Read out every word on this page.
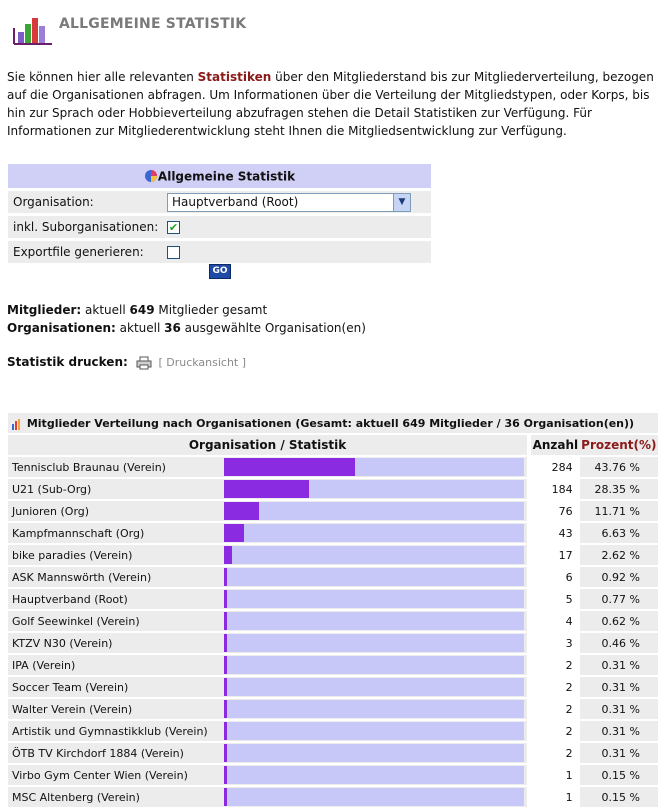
ALLGEMEINE STATISTIK
Sie können hier alle relevanten Statistiken über den Mitgliederstand bis zur Mitgliederverteilung, bezogen auf die Organisationen abfragen. Um Informationen über die Verteilung der Mitgliedstypen, oder Korps, bis hin zur Sprach oder Hobbieverteilung abzufragen stehen die Detail Statistiken zur Verfügung. Für Informationen zur Mitgliederentwicklung steht Ihnen die Mitgliedsentwicklung zur Verfügung.
Allgemeine Statistik	
Organisation:	Hauptverband (Root) ▼

inkl. Suborganisationen:	✔
Exportfile generieren:	
GO
Mitglieder: aktuell 649 Mitglieder gesamt
Organisationen: aktuell 36 ausgewählte Organisation(en)
Statistik drucken:	[ Druckansicht ]
Mitglieder Verteilung nach Organisationen (Gesamt: aktuell 649 Mitglieder / 36 Organisation(en))				
Organisation / Statistik			Anzahl	Prozent(%)
Tennisclub Braunau (Verein)			284	43.76 %
U21 (Sub-Org)			184	28.35 %
Junioren (Org)			76	11.71 %
Kampfmannschaft (Org)			43	6.63 %
bike paradies (Verein)			17	2.62 %
ASK Mannswörth (Verein)			6	0.92 %
Hauptverband (Root)			5	0.77 %
Golf Seewinkel (Verein)			4	0.62 %
KTZV N30 (Verein)			3	0.46 %
IPA (Verein)			2	0.31 %
Soccer Team (Verein)			2	0.31 %
Walter Verein (Verein)			2	0.31 %
Artistik und Gymnastikklub (Verein)			2	0.31 %
ÖTB TV Kirchdorf 1884 (Verein)			2	0.31 %
Virbo Gym Center Wien (Verein)			1	0.15 %
MSC Altenberg (Verein)			1	0.15 %
